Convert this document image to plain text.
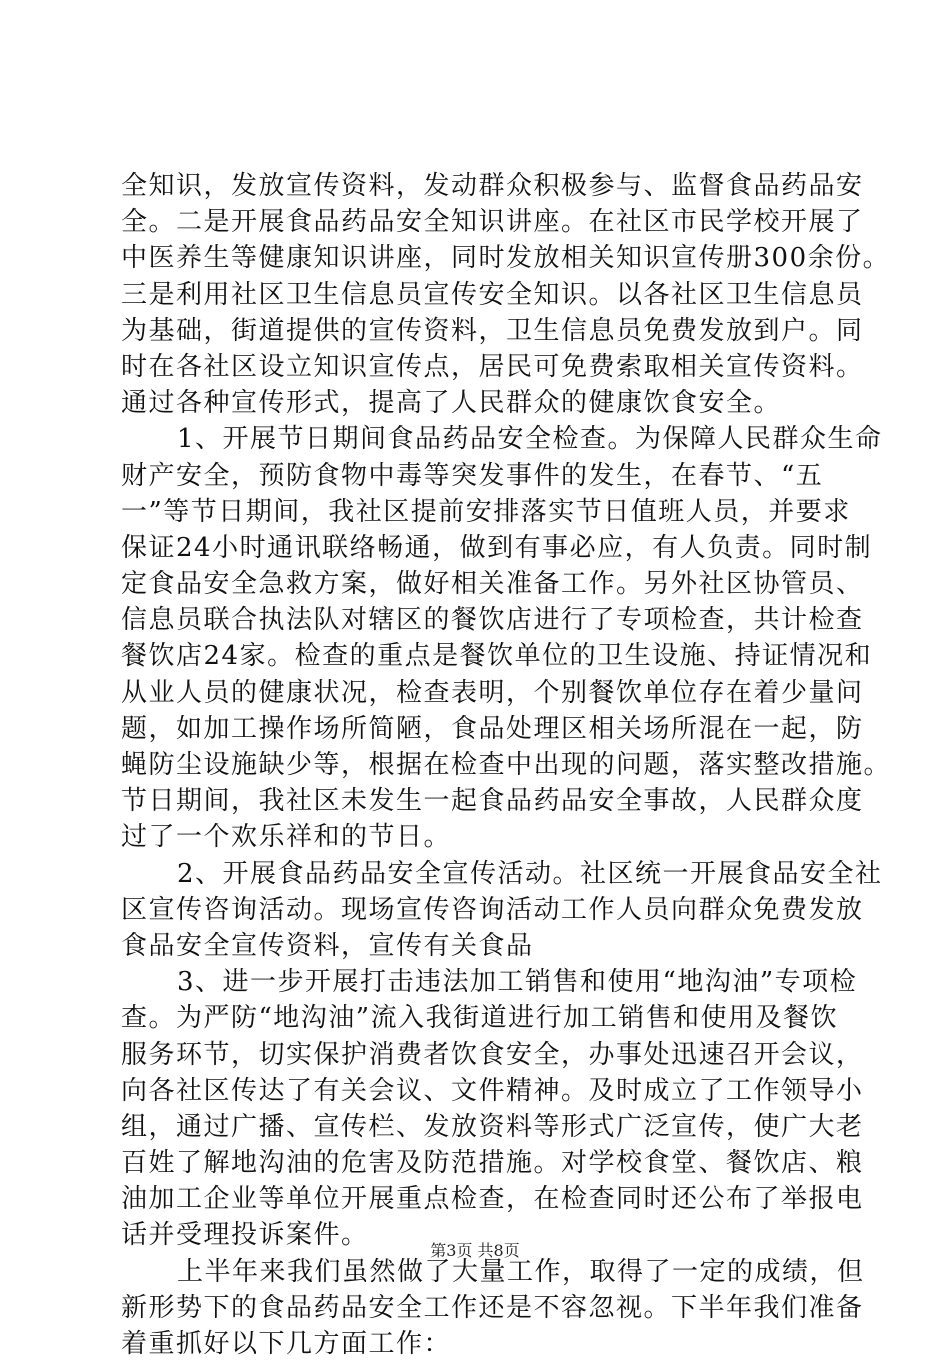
全知识，发放宣传资料，发动群众积极参与、监督食品药品安
全。二是开展食品药品安全知识讲座。在社区市民学校开展了
中医养生等健康知识讲座，同时发放相关知识宣传册300余份。
三是利用社区卫生信息员宣传安全知识。以各社区卫生信息员
为基础，街道提供的宣传资料，卫生信息员免费发放到户。同
时在各社区设立知识宣传点，居民可免费索取相关宣传资料。
通过各种宣传形式，提高了人民群众的健康饮食安全。
1、开展节日期间食品药品安全检查。为保障人民群众生命
财产安全，预防食物中毒等突发事件的发生，在春节、“五
一”等节日期间，我社区提前安排落实节日值班人员，并要求
保证24小时通讯联络畅通，做到有事必应，有人负责。同时制
定食品安全急救方案，做好相关准备工作。另外社区协管员、
信息员联合执法队对辖区的餐饮店进行了专项检查，共计检查
餐饮店24家。检查的重点是餐饮单位的卫生设施、持证情况和
从业人员的健康状况，检查表明，个别餐饮单位存在着少量问
题，如加工操作场所简陋，食品处理区相关场所混在一起，防
蝇防尘设施缺少等，根据在检查中出现的问题，落实整改措施。
节日期间，我社区未发生一起食品药品安全事故，人民群众度
过了一个欢乐祥和的节日。
2、开展食品药品安全宣传活动。社区统一开展食品安全社
区宣传咨询活动。现场宣传咨询活动工作人员向群众免费发放
食品安全宣传资料，宣传有关食品
3、进一步开展打击违法加工销售和使用“地沟油”专项检
查。为严防“地沟油”流入我街道进行加工销售和使用及餐饮
服务环节，切实保护消费者饮食安全，办事处迅速召开会议，
向各社区传达了有关会议、文件精神。及时成立了工作领导小
组，通过广播、宣传栏、发放资料等形式广泛宣传，使广大老
百姓了解地沟油的危害及防范措施。对学校食堂、餐饮店、粮
油加工企业等单位开展重点检查，在检查同时还公布了举报电
话并受理投诉案件。
上半年来我们虽然做了大量工作，取得了一定的成绩，但
新形势下的食品药品安全工作还是不容忽视。下半年我们准备
着重抓好以下几方面工作：
第3页 共8页
